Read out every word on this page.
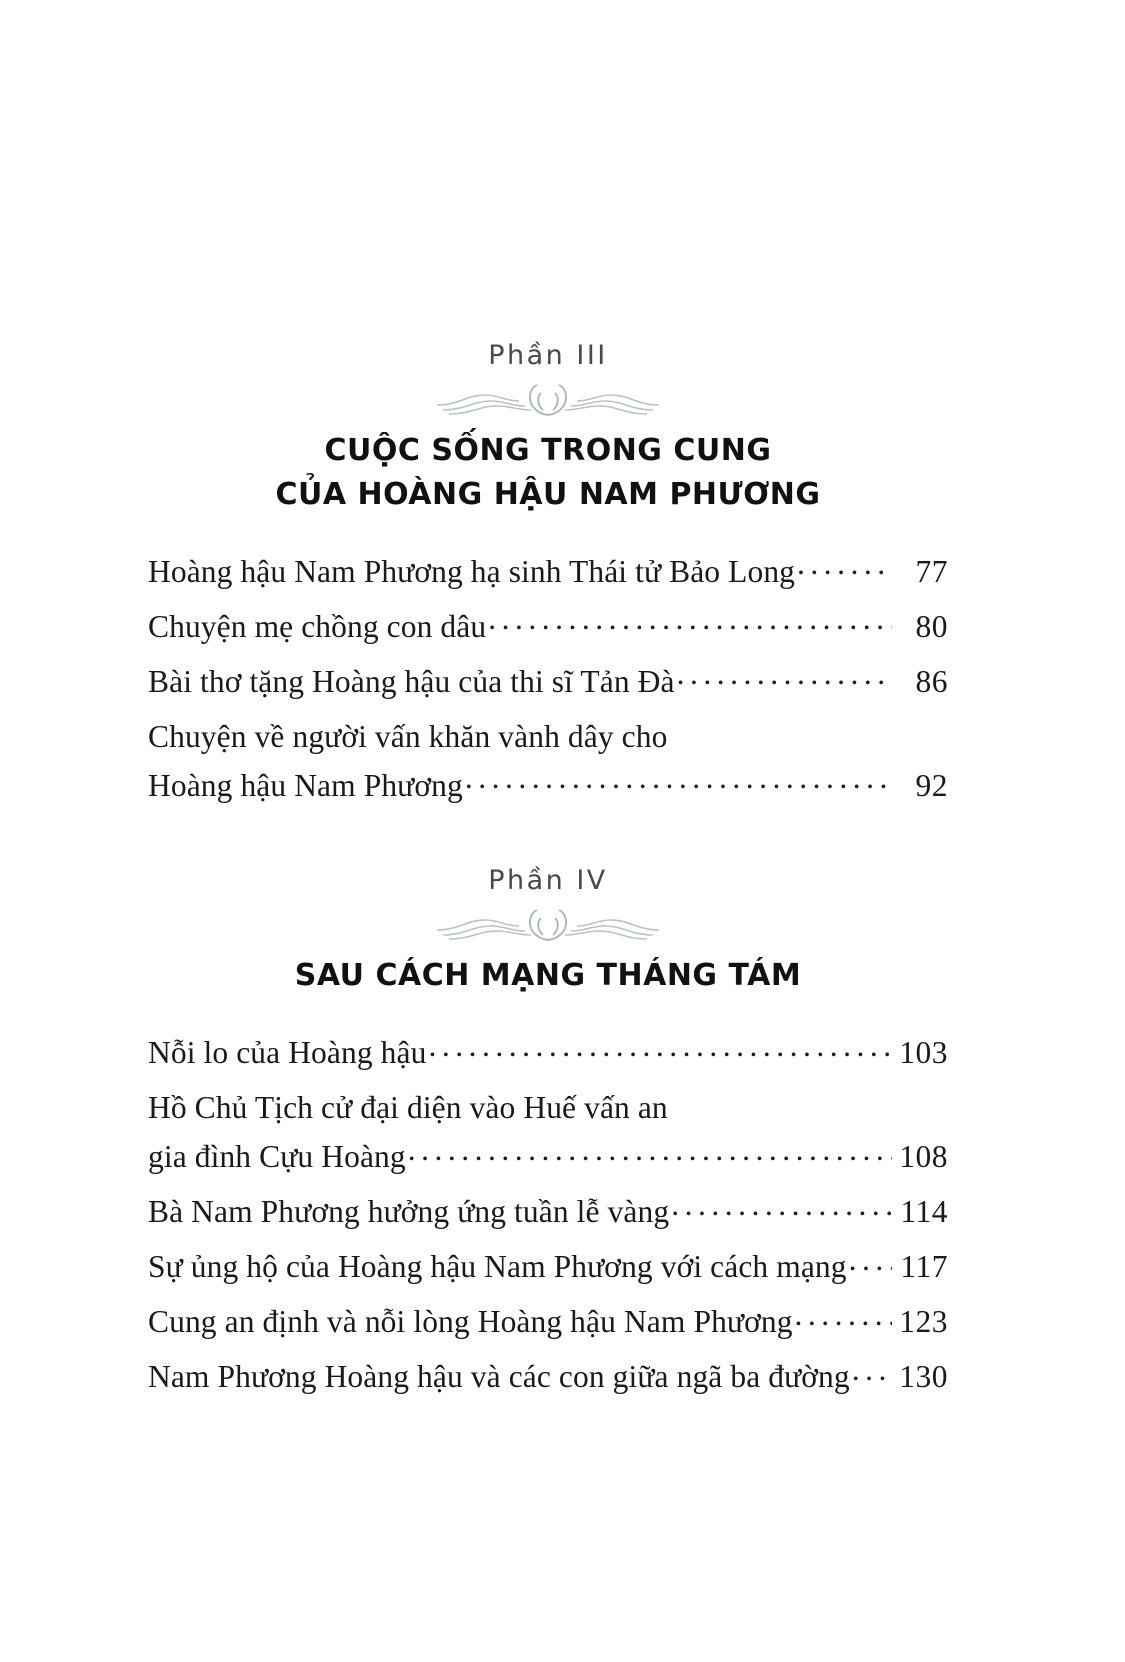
Phần III
CUỘC SỐNG TRONG CUNG
CỦA HOÀNG HẬU NAM PHƯƠNG
Hoàng hậu Nam Phương hạ sinh Thái tử Bảo Long .....	77
Chuyện mẹ chồng con dâu .....	80
Bài thơ tặng Hoàng hậu của thi sĩ Tản Đà .....	86
Chuyện về người vấn khăn vành dây cho
Hoàng hậu Nam Phương .....	92
Phần IV
SAU CÁCH MẠNG THÁNG TÁM
Nỗi lo của Hoàng hậu .....	103
Hồ Chủ Tịch cử đại diện vào Huế vấn an
gia đình Cựu Hoàng .....	108
Bà Nam Phương hưởng ứng tuần lễ vàng .....	114
Sự ủng hộ của Hoàng hậu Nam Phương với cách mạng ..... 117
Cung an định và nỗi lòng Hoàng hậu Nam Phương .....	123
Nam Phương Hoàng hậu và các con giữa ngã ba đường ..... 130
